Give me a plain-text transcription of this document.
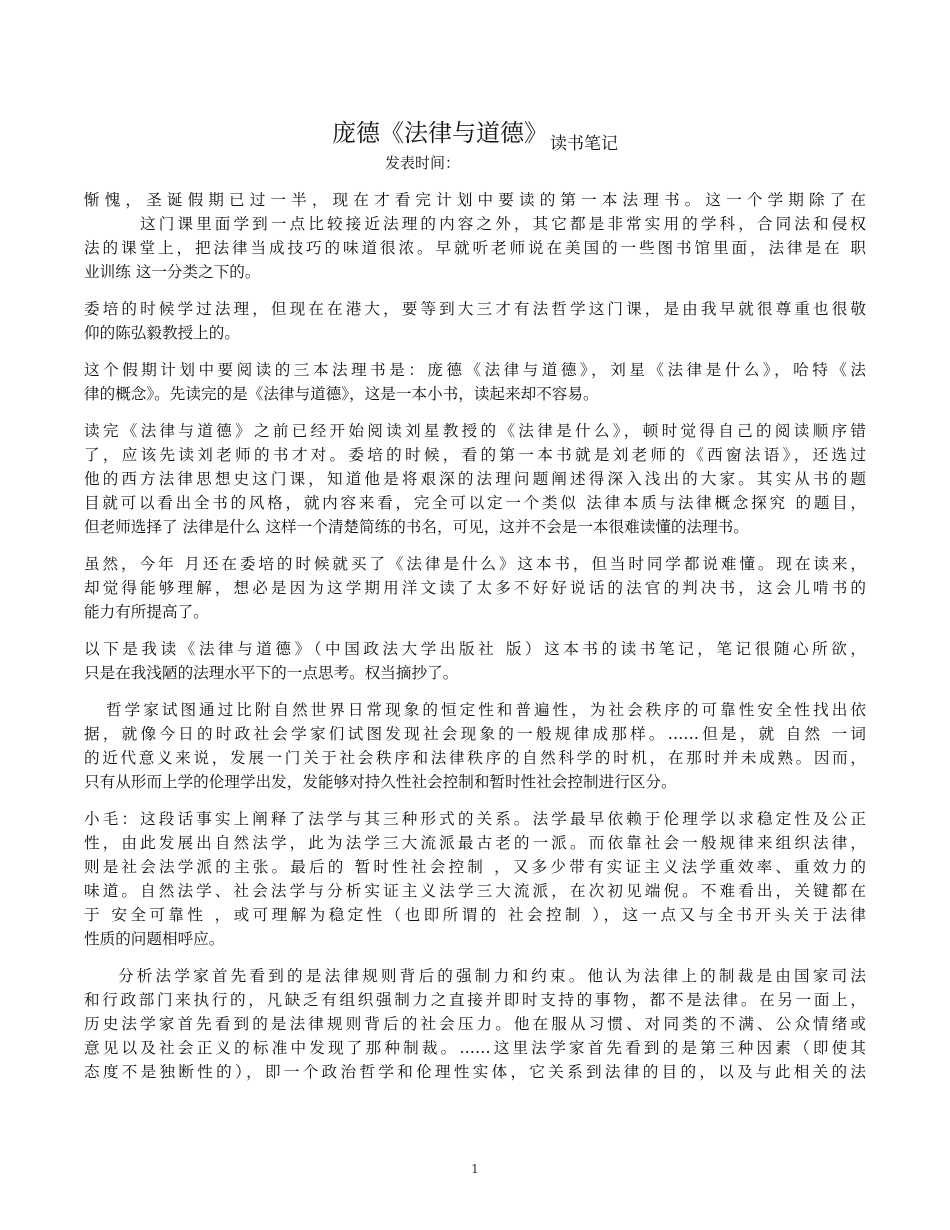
庞德《法律与道德》 读书笔记
发表时间：

惭愧，圣诞假期已过一半，现在才看完计划中要读的第一本法理书。这一个学期除了在
这门课里面学到一点比较接近法理的内容之外，其它都是非常实用的学科，合同法和侵权
法的课堂上，把法律当成技巧的味道很浓。早就听老师说在美国的一些图书馆里面，法律是在 职
业训练 这一分类之下的。

委培的时候学过法理，但现在在港大，要等到大三才有法哲学这门课，是由我早就很尊重也很敬
仰的陈弘毅教授上的。

这个假期计划中要阅读的三本法理书是：庞德《法律与道德》，刘星《法律是什么》，哈特《法
律的概念》。先读完的是《法律与道德》，这是一本小书，读起来却不容易。

读完《法律与道德》之前已经开始阅读刘星教授的《法律是什么》，顿时觉得自己的阅读顺序错
了，应该先读刘老师的书才对。委培的时候，看的第一本书就是刘老师的《西窗法语》，还选过
他的西方法律思想史这门课，知道他是将艰深的法理问题阐述得深入浅出的大家。其实从书的题
目就可以看出全书的风格，就内容来看，完全可以定一个类似 法律本质与法律概念探究 的题目，
但老师选择了 法律是什么 这样一个清楚简练的书名，可见，这并不会是一本很难读懂的法理书。

虽然，今年 月还在委培的时候就买了《法律是什么》这本书，但当时同学都说难懂。现在读来，
却觉得能够理解，想必是因为这学期用洋文读了太多不好好说话的法官的判决书，这会儿啃书的
能力有所提高了。

以下是我读《法律与道德》（中国政法大学出版社 版）这本书的读书笔记，笔记很随心所欲，
只是在我浅陋的法理水平下的一点思考。权当摘抄了。

哲学家试图通过比附自然世界日常现象的恒定性和普遍性，为社会秩序的可靠性安全性找出依
据，就像今日的时政社会学家们试图发现社会现象的一般规律成那样。……但是，就 自然 一词
的近代意义来说，发展一门关于社会秩序和法律秩序的自然科学的时机，在那时并未成熟。因而，
只有从形而上学的伦理学出发，发能够对持久性社会控制和暂时性社会控制进行区分。

小毛：这段话事实上阐释了法学与其三种形式的关系。法学最早依赖于伦理学以求稳定性及公正
性，由此发展出自然法学，此为法学三大流派最古老的一派。而依靠社会一般规律来组织法律，
则是社会法学派的主张。最后的 暂时性社会控制 ，又多少带有实证主义法学重效率、重效力的
味道。自然法学、社会法学与分析实证主义法学三大流派，在次初见端倪。不难看出，关键都在
于 安全可靠性 ，或可理解为稳定性（也即所谓的 社会控制 ），这一点又与全书开头关于法律
性质的问题相呼应。

分析法学家首先看到的是法律规则背后的强制力和约束。他认为法律上的制裁是由国家司法
和行政部门来执行的，凡缺乏有组织强制力之直接并即时支持的事物，都不是法律。在另一面上，
历史法学家首先看到的是法律规则背后的社会压力。他在服从习惯、对同类的不满、公众情绪或
意见以及社会正义的标准中发现了那种制裁。……这里法学家首先看到的是第三种因素（即使其
态度不是独断性的），即一个政治哲学和伦理性实体，它关系到法律的目的，以及与此相关的法

1
